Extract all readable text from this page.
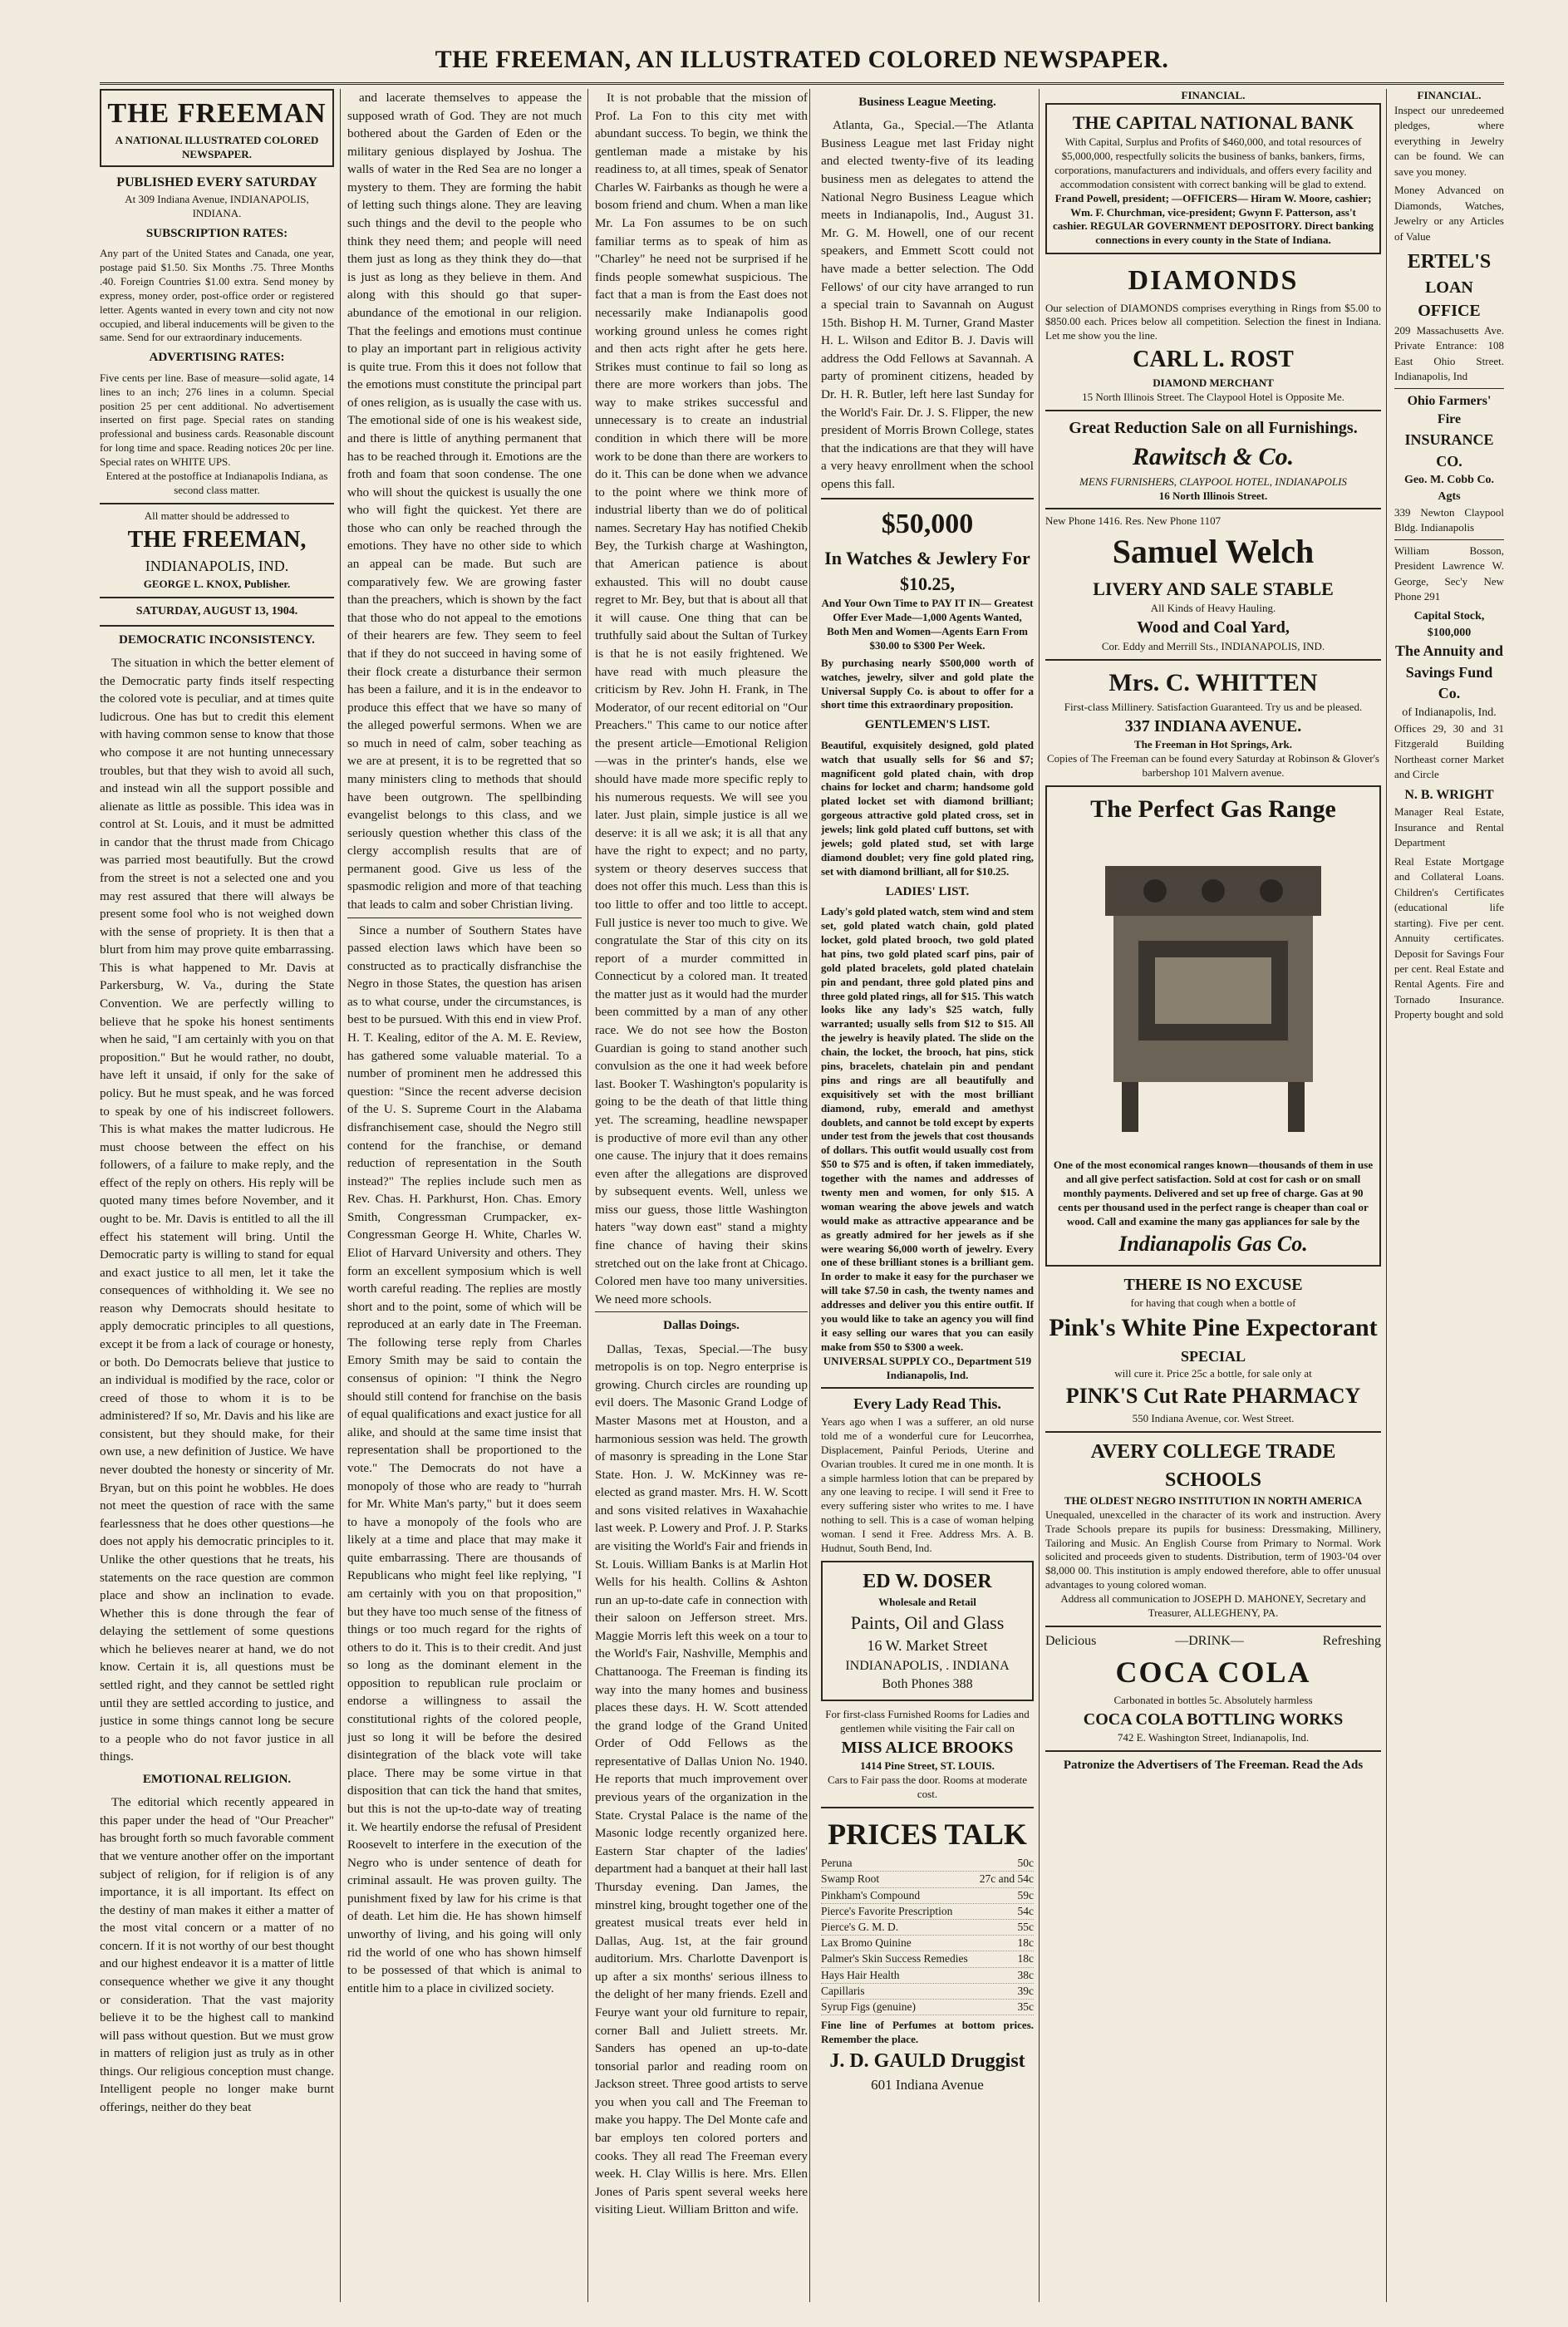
THE FREEMAN, AN ILLUSTRATED COLORED NEWSPAPER.
THE FREEMAN
A NATIONAL ILLUSTRATED COLORED NEWSPAPER.
PUBLISHED EVERY SATURDAY
At 309 Indiana Avenue, INDIANAPOLIS, INDIANA.
SUBSCRIPTION RATES:
Any part of the United States and Canada, one year, postage paid $1.50. Six Months .75. Three Months .40. Foreign Countries $1.00 extra. Send money by express, money order, post-office order or registered letter. Agents wanted in every town and city not now occupied, and liberal inducements will be given to the same. Send for our extraordinary inducements.
ADVERTISING RATES:
Five cents per line. Base of measure—solid agate, 14 lines to an inch; 276 lines in a column. Special position 25 per cent additional. No advertisement inserted on first page. Special rates on standing professional and business cards. Reasonable discount for long time and space. Reading notices 20c per line. Special rates on WHITE UPS.
Entered at the postoffice at Indianapolis Indiana, as second class matter.
All matter should be addressed to
THE FREEMAN,
INDIANAPOLIS, IND.
GEORGE L. KNOX, Publisher.
SATURDAY, AUGUST 13, 1904.
DEMOCRATIC INCONSISTENCY.

The situation in which the better element of the Democratic party finds itself respecting the colored vote is peculiar, and at times quite ludicrous. One has but to credit this element with having common sense to know that those who compose it are not hunting unnecessary troubles, but that they wish to avoid all such, and instead win all the support possible and alienate as little as possible. This idea was in control at St. Louis, and it must be admitted in candor that the thrust made from Chicago was parried most beautifully. But the crowd from the street is not a selected one and you may rest assured that there will always be present some fool who is not weighed down with the sense of propriety. It is then that a blurt from him may prove quite embarrassing. This is what happened to Mr. Davis at Parkersburg, W. Va., during the State Convention. We are perfectly willing to believe that he spoke his honest sentiments when he said, "I am certainly with you on that proposition." But he would rather, no doubt, have left it unsaid, if only for the sake of policy. But he must speak, and he was forced to speak by one of his indiscreet followers. This is what makes the matter ludicrous. He must choose between the effect on his followers, of a failure to make reply, and the effect of the reply on others. His reply will be quoted many times before November, and it ought to be. Mr. Davis is entitled to all the ill effect his statement will bring. Until the Democratic party is willing to stand for equal and exact justice to all men, let it take the consequences of withholding it. We see no reason why Democrats should hesitate to apply democratic principles to all questions, except it be from a lack of courage or honesty, or both. Do Democrats believe that justice to an individual is modified by the race, color or creed of those to whom it is to be administered? If so, Mr. Davis and his like are consistent, but they should make, for their own use, a new definition of Justice. We have never doubted the honesty or sincerity of Mr. Bryan, but on this point he wobbles. He does not meet the question of race with the same fearlessness that he does other questions—he does not apply his democratic principles to it. Unlike the other questions that he treats, his statements on the race question are common place and show an inclination to evade. Whether this is done through the fear of delaying the settlement of some questions which he believes nearer at hand, we do not know. Certain it is, all questions must be settled right, and they cannot be settled right until they are settled according to justice, and justice in some things cannot long be secure to a people who do not favor justice in all things.

EMOTIONAL RELIGION.

The editorial which recently appeared in this paper under the head of "Our Preacher" has brought forth so much favorable comment that we venture another offer on the important subject of religion, for if religion is of any importance, it is all important. Its effect on the destiny of man makes it either a matter of the most vital concern or a matter of no concern. If it is not worthy of our best thought and our highest endeavor it is a matter of little consequence whether we give it any thought or consideration. That the vast majority believe it to be the highest call to mankind will pass without question. But we must grow in matters of religion just as truly as in other things. Our religious conception must change. Intelligent people no longer make burnt offerings, neither do they beat

and lacerate themselves to appease the supposed wrath of God. They are not much bothered about the Garden of Eden or the military genious displayed by Joshua. The walls of water in the Red Sea are no longer a mystery to them. They are forming the habit of letting such things alone. They are leaving such things and the devil to the people who think they need them; and people will need them just as long as they think they do—that is just as long as they believe in them. And along with this should go that super-abundance of the emotional in our religion. That the feelings and emotions must continue to play an important part in religious activity is quite true. From this it does not follow that the emotions must constitute the principal part of ones religion, as is usually the case with us. The emotional side of one is his weakest side, and there is little of anything permanent that has to be reached through it. Emotions are the froth and foam that soon condense. The one who will shout the quickest is usually the one who will fight the quickest. Yet there are those who can only be reached through the emotions. They have no other side to which an appeal can be made. But such are comparatively few. We are growing faster than the preachers, which is shown by the fact that those who do not appeal to the emotions of their hearers are few. They seem to feel that if they do not succeed in having some of their flock create a disturbance their sermon has been a failure, and it is in the endeavor to produce this effect that we have so many of the alleged powerful sermons. When we are so much in need of calm, sober teaching as we are at present, it is to be regretted that so many ministers cling to methods that should have been outgrown. The spellbinding evangelist belongs to this class, and we seriously question whether this class of the clergy accomplish results that are of permanent good. Give us less of the spasmodic religion and more of that teaching that leads to calm and sober Christian living.

Since a number of Southern States have passed election laws which have been so constructed as to practically disfranchise the Negro in those States, the question has arisen as to what course, under the circumstances, is best to be pursued. With this end in view Prof. H. T. Kealing, editor of the A. M. E. Review, has gathered some valuable material. To a number of prominent men he addressed this question: "Since the recent adverse decision of the U. S. Supreme Court in the Alabama disfranchisement case, should the Negro still contend for the franchise, or demand reduction of representation in the South instead?" The replies include such men as Rev. Chas. H. Parkhurst, Hon. Chas. Emory Smith, Congressman Crumpacker, ex-Congressman George H. White, Charles W. Eliot of Harvard University and others. They form an excellent symposium which is well worth careful reading. The replies are mostly short and to the point, some of which will be reproduced at an early date in The Freeman. The following terse reply from Charles Emory Smith may be said to contain the consensus of opinion: "I think the Negro should still contend for franchise on the basis of equal qualifications and exact justice for all alike, and should at the same time insist that representation shall be proportioned to the vote." The Democrats do not have a monopoly of those who are ready to "hurrah for Mr. White Man's party," but it does seem to have a monopoly of the fools who are likely at a time and place that may make it quite embarrassing. There are thousands of Republicans who might feel like replying, "I am certainly with you on that proposition," but they have too much sense of the fitness of things or too much regard for the rights of others to do it. This is to their credit. And just so long as the dominant element in the opposition to republican rule proclaim or endorse a willingness to assail the constitutional rights of the colored people, just so long it will be before the desired disintegration of the black vote will take place. There may be some virtue in that disposition that can tick the hand that smites, but this is not the up-to-date way of treating it. We heartily endorse the refusal of President Roosevelt to interfere in the execution of the Negro who is under sentence of death for criminal assault. He was proven guilty. The punishment fixed by law for his crime is that of death. Let him die. He has shown himself unworthy of living, and his going will only rid the world of one who has shown himself to be possessed of that which is animal to entitle him to a place in civilized society.

It is not probable that the mission of Prof. La Fon to this city met with abundant success. To begin, we think the gentleman made a mistake by his readiness to, at all times, speak of Senator Charles W. Fairbanks as though he were a bosom friend and chum. When a man like Mr. La Fon assumes to be on such familiar terms as to speak of him as "Charley" he need not be surprised if he finds people somewhat suspicious. The fact that a man is from the East does not necessarily make Indianapolis good working ground unless he comes right and then acts right after he gets here. Strikes must continue to fail so long as there are more workers than jobs. The way to make strikes successful and unnecessary is to create an industrial condition in which there will be more work to be done than there are workers to do it. This can be done when we advance to the point where we think more of industrial liberty than we do of political names. Secretary Hay has notified Chekib Bey, the Turkish charge at Washington, that American patience is about exhausted. This will no doubt cause regret to Mr. Bey, but that is about all that it will cause. One thing that can be truthfully said about the Sultan of Turkey is that he is not easily frightened. We have read with much pleasure the criticism by Rev. John H. Frank, in The Moderator, of our recent editorial on "Our Preachers." This came to our notice after the present article—Emotional Religion—was in the printer's hands, else we should have made more specific reply to his numerous requests. We will see you later. Just plain, simple justice is all we deserve: it is all we ask; it is all that any have the right to expect; and no party, system or theory deserves success that does not offer this much. Less than this is too little to offer and too little to accept. Full justice is never too much to give. We congratulate the Star of this city on its report of a murder committed in Connecticut by a colored man. It treated the matter just as it would had the murder been committed by a man of any other race. We do not see how the Boston Guardian is going to stand another such convulsion as the one it had week before last. Booker T. Washington's popularity is going to be the death of that little thing yet. The screaming, headline newspaper is productive of more evil than any other one cause. The injury that it does remains even after the allegations are disproved by subsequent events. Well, unless we miss our guess, those little Washington haters "way down east" stand a mighty fine chance of having their skins stretched out on the lake front at Chicago. Colored men have too many universities. We need more schools.

Dallas Doings.

Dallas, Texas, Special.—The busy metropolis is on top. Negro enterprise is growing. Church circles are rounding up evil doers. The Masonic Grand Lodge of Master Masons met at Houston, and a harmonious session was held. The growth of masonry is spreading in the Lone Star State. Hon. J. W. McKinney was re-elected as grand master. Mrs. H. W. Scott and sons visited relatives in Waxahachie last week. P. Lowery and Prof. J. P. Starks are visiting the World's Fair and friends in St. Louis. William Banks is at Marlin Hot Wells for his health. Collins & Ashton run an up-to-date cafe in connection with their saloon on Jefferson street. Mrs. Maggie Morris left this week on a tour to the World's Fair, Nashville, Memphis and Chattanooga. The Freeman is finding its way into the many homes and business places these days. H. W. Scott attended the grand lodge of the Grand United Order of Odd Fellows as the representative of Dallas Union No. 1940. He reports that much improvement over previous years of the organization in the State. Crystal Palace is the name of the Masonic lodge recently organized here. Eastern Star chapter of the ladies' department had a banquet at their hall last Thursday evening. Dan James, the minstrel king, brought together one of the greatest musical treats ever held in Dallas, Aug. 1st, at the fair ground auditorium. Mrs. Charlotte Davenport is up after a six months' serious illness to the delight of her many friends. Ezell and Feurye want your old furniture to repair, corner Ball and Juliett streets. Mr. Sanders has opened an up-to-date tonsorial parlor and reading room on Jackson street. Three good artists to serve you when you call and The Freeman to make you happy. The Del Monte cafe and bar employs ten colored porters and cooks. They all read The Freeman every week. H. Clay Willis is here. Mrs. Ellen Jones of Paris spent several weeks here visiting Lieut. William Britton and wife.

Business League Meeting.

Atlanta, Ga., Special.—The Atlanta Business League met last Friday night and elected twenty-five of its leading business men as delegates to attend the National Negro Business League which meets in Indianapolis, Ind., August 31. Mr. G. M. Howell, one of our recent speakers, and Emmett Scott could not have made a better selection. The Odd Fellows' of our city have arranged to run a special train to Savannah on August 15th. Bishop H. M. Turner, Grand Master H. L. Wilson and Editor B. J. Davis will address the Odd Fellows at Savannah. A party of prominent citizens, headed by Dr. H. R. Butler, left here last Sunday for the World's Fair. Dr. J. S. Flipper, the new president of Morris Brown College, states that the indications are that they will have a very heavy enrollment when the school opens this fall.

$50,000
In Watches & Jewlery For $10.25,
And Your Own Time to PAY IT IN— Greatest Offer Ever Made—1,000 Agents Wanted, Both Men and Women—Agents Earn From $30.00 to $300 Per Week.
By purchasing nearly $500,000 worth of watches, jewelry, silver and gold plate the Universal Supply Co. is about to offer for a short time this extraordinary proposition.
GENTLEMEN'S LIST.
Beautiful, exquisitely designed, gold plated watch that usually sells for $6 and $7; magnificent gold plated chain, with drop chains for locket and charm; handsome gold plated locket set with diamond brilliant; gorgeous attractive gold plated cross, set in jewels; link gold plated cuff buttons, set with jewels; gold plated stud, set with large diamond doublet; very fine gold plated ring, set with diamond brilliant, all for $10.25.
LADIES' LIST.
Lady's gold plated watch, stem wind and stem set, gold plated watch chain, gold plated locket, gold plated brooch, two gold plated hat pins, two gold plated scarf pins, pair of gold plated bracelets, gold plated chatelain pin and pendant, three gold plated pins and three gold plated rings, all for $15. This watch looks like any lady's $25 watch, fully warranted; usually sells from $12 to $15. All the jewelry is heavily plated. The slide on the chain, the locket, the brooch, hat pins, stick pins, bracelets, chatelain pin and pendant pins and rings are all beautifully and exquisitively set with the most brilliant diamond, ruby, emerald and amethyst doublets, and cannot be told except by experts under test from the jewels that cost thousands of dollars. This outfit would usually cost from $50 to $75 and is often, if taken immediately, together with the names and addresses of twenty men and women, for only $15. A woman wearing the above jewels and watch would make as attractive appearance and be as greatly admired for her jewels as if she were wearing $6,000 worth of jewelry. Every one of these brilliant stones is a brilliant gem. In order to make it easy for the purchaser we will take $7.50 in cash, the twenty names and addresses and deliver you this entire outfit. If you would like to take an agency you will find it easy selling our wares that you can easily make from $50 to $300 a week.
UNIVERSAL SUPPLY CO., Department 519 Indianapolis, Ind.
Every Lady Read This.
Years ago when I was a sufferer, an old nurse told me of a wonderful cure for Leucorrhea, Displacement, Painful Periods, Uterine and Ovarian troubles. It cured me in one month. It is a simple harmless lotion that can be prepared by any one leaving to recipe. I will send it Free to every suffering sister who writes to me. I have nothing to sell. This is a case of woman helping woman. I send it Free. Address Mrs. A. B. Hudnut, South Bend, Ind.
ED W. DOSER
Wholesale and Retail
Paints, Oil and Glass
16 W. Market Street
INDIANAPOLIS, . INDIANA
Both Phones 388
For first-class Furnished Rooms for Ladies and gentlemen while visiting the Fair call on
MISS ALICE BROOKS
1414 Pine Street, ST. LOUIS.
Cars to Fair pass the door. Rooms at moderate cost.
PRICES TALK
Peruna	50c
Swamp Root	27c and 54c
Pinkham's Compound	59c
Pierce's Favorite Prescription	54c
Pierce's G. M. D.	55c
Lax Bromo Quinine	18c
Palmer's Skin Success Remedies	18c
Hays Hair Health	38c
Capillaris	39c
Syrup Figs (genuine)	35c
Fine line of Perfumes at bottom prices. Remember the place.
J. D. GAULD Druggist
601 Indiana Avenue
FINANCIAL.
THE CAPITAL NATIONAL BANK
With Capital, Surplus and Profits of $460,000, and total resources of $5,000,000, respectfully solicits the business of banks, bankers, firms, corporations, manufacturers and individuals, and offers every facility and accommodation consistent with correct banking will be glad to extend.
Frand Powell, president; —OFFICERS— Hiram W. Moore, cashier; Wm. F. Churchman, vice-president; Gwynn F. Patterson, ass't cashier. REGULAR GOVERNMENT DEPOSITORY. Direct banking connections in every county in the State of Indiana.
DIAMONDS
Our selection of DIAMONDS comprises everything in Rings from $5.00 to $850.00 each. Prices below all competition. Selection the finest in Indiana. Let me show you the line.
CARL L. ROST
DIAMOND MERCHANT
15 North Illinois Street. The Claypool Hotel is Opposite Me.
Great Reduction Sale on all Furnishings.
Rawitsch & Co.
MENS FURNISHERS, CLAYPOOL HOTEL, INDIANAPOLIS
16 North Illinois Street.
New Phone 1416. Res. New Phone 1107
Samuel Welch
LIVERY AND SALE STABLE
All Kinds of Heavy Hauling.
Wood and Coal Yard,
Cor. Eddy and Merrill Sts., INDIANAPOLIS, IND.
Mrs. C. WHITTEN
First-class Millinery. Satisfaction Guaranteed. Try us and be pleased.
337 INDIANA AVENUE.
The Freeman in Hot Springs, Ark.
Copies of The Freeman can be found every Saturday at Robinson & Glover's barbershop 101 Malvern avenue.
The Perfect Gas Range
One of the most economical ranges known—thousands of them in use and all give perfect satisfaction. Sold at cost for cash or on small monthly payments. Delivered and set up free of charge. Gas at 90 cents per thousand used in the perfect range is cheaper than coal or wood. Call and examine the many gas appliances for sale by the
Indianapolis Gas Co.
THERE IS NO EXCUSE
for having that cough when a bottle of
Pink's White Pine Expectorant
SPECIAL
will cure it. Price 25c a bottle, for sale only at
PINK'S Cut Rate PHARMACY
550 Indiana Avenue, cor. West Street.
AVERY COLLEGE TRADE SCHOOLS
THE OLDEST NEGRO INSTITUTION IN NORTH AMERICA
Unequaled, unexcelled in the character of its work and instruction. Avery Trade Schools prepare its pupils for business: Dressmaking, Millinery, Tailoring and Music. An English Course from Primary to Normal. Work solicited and proceeds given to students. Distribution, term of 1903-'04 over $8,000 00. This institution is amply endowed therefore, able to offer unusual advantages to young colored woman.
Address all communication to JOSEPH D. MAHONEY, Secretary and Treasurer, ALLEGHENY, PA.
Delicious	—DRINK—	Refreshing
COCA COLA
Carbonated in bottles 5c. Absolutely harmless
COCA COLA BOTTLING WORKS
742 E. Washington Street, Indianapolis, Ind.
Patronize the Advertisers of The Freeman. Read the Ads
FINANCIAL.

Inspect our unredeemed pledges, where everything in Jewelry can be found. We can save you money.

Money Advanced on Diamonds, Watches, Jewelry or any Articles of Value

ERTEL'S
LOAN OFFICE

209 Massachusetts Ave. Private Entrance: 108 East Ohio Street. Indianapolis, Ind

Ohio Farmers' Fire
INSURANCE CO.
Geo. M. Cobb Co. Agts

339 Newton Claypool Bldg. Indianapolis

William Bosson, President Lawrence W. George, Sec'y New Phone 291

Capital Stock, $100,000
The Annuity and Savings Fund Co.
of Indianapolis, Ind.

Offices 29, 30 and 31 Fitzgerald Building Northeast corner Market and Circle

N. B. WRIGHT

Manager Real Estate, Insurance and Rental Department

Real Estate Mortgage and Collateral Loans. Children's Certificates (educational life starting). Five per cent. Annuity certificates. Deposit for Savings Four per cent. Real Estate and Rental Agents. Fire and Tornado Insurance. Property bought and sold
